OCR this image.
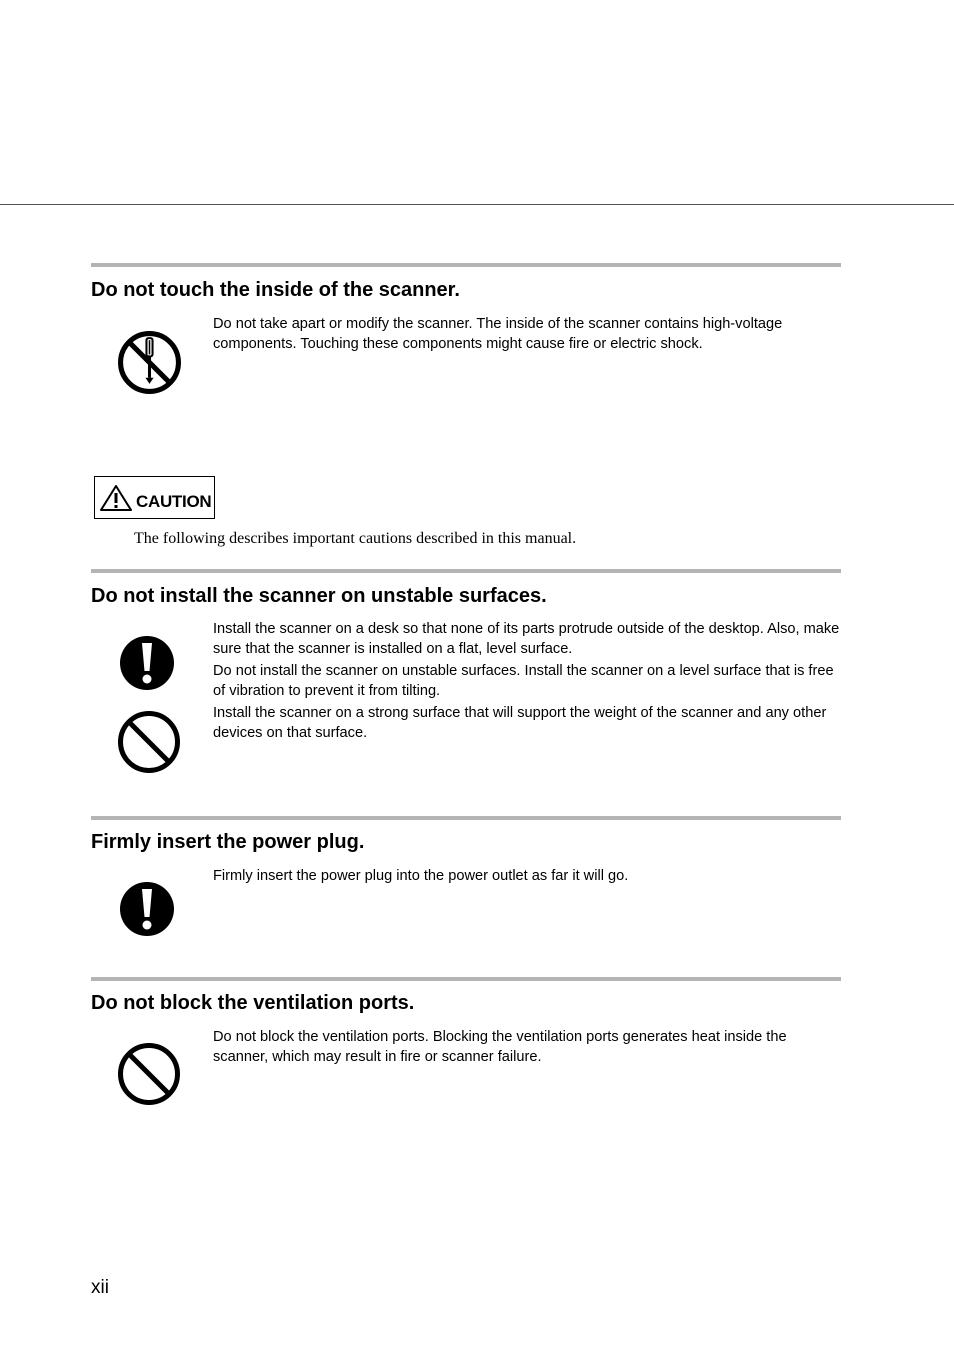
Do not touch the inside of the scanner.

Do not take apart or modify the scanner. The inside of the scanner contains high-voltage components. Touching these components might cause fire or electric shock.

CAUTION
The following describes important cautions described in this manual.
Do not install the scanner on unstable surfaces.

Install the scanner on a desk so that none of its parts protrude outside of the desktop. Also, make sure that the scanner is installed on a flat, level surface.

Do not install the scanner on unstable surfaces. Install the scanner on a level surface that is free of vibration to prevent it from tilting.

Install the scanner on a strong surface that will support the weight of the scanner and any other devices on that surface.

Firmly insert the power plug.

Firmly insert the power plug into the power outlet as far it will go.

Do not block the ventilation ports.

Do not block the ventilation ports. Blocking the ventilation ports generates heat inside the scanner, which may result in fire or scanner failure.

xii
